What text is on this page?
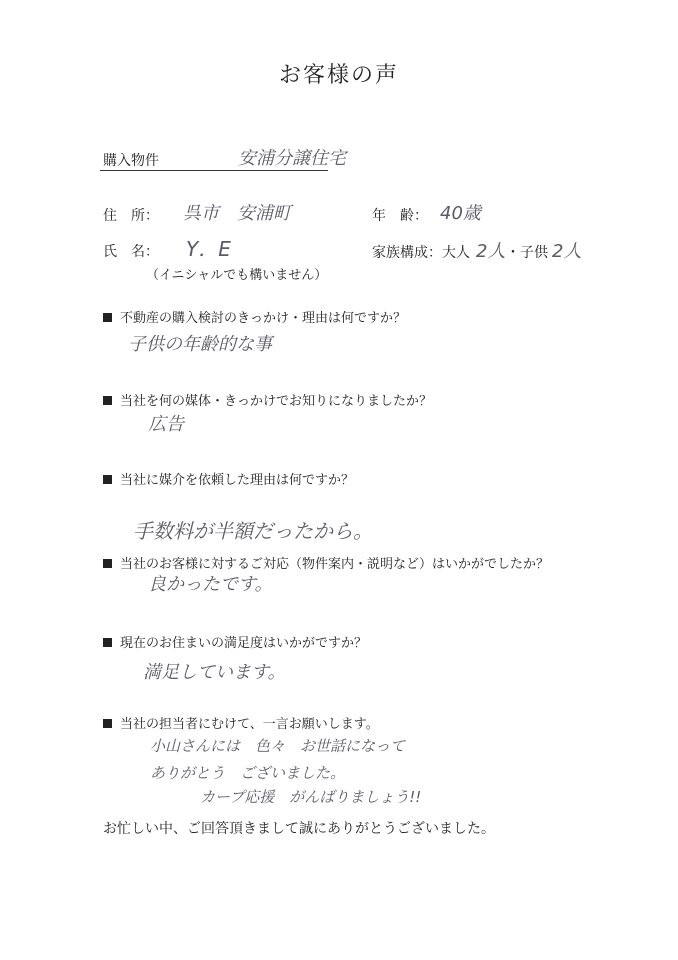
お客様の声
購入物件	安浦分譲住宅
住　所： 呉市　安浦町	年　齢： 40歳
氏　名： Y．E
（イニシャルでも構いません）
家族構成：大人 2人 ・子供 2人
不動産の購入検討のきっかけ・理由は何ですか？
子供の年齢的な事
当社を何の媒体・きっかけでお知りになりましたか？
広告
当社に媒介を依頼した理由は何ですか？
手数料が半額だったから。
当社のお客様に対するご対応（物件案内・説明など）はいかがでしたか？
良かったです。
現在のお住まいの満足度はいかがですか？
満足しています。
当社の担当者にむけて、一言お願いします。
小山さんには　色々　お世話になって
ありがとう　ございました。
カープ応援　がんばりましょう!!
お忙しい中、ご回答頂きまして誠にありがとうございました。
